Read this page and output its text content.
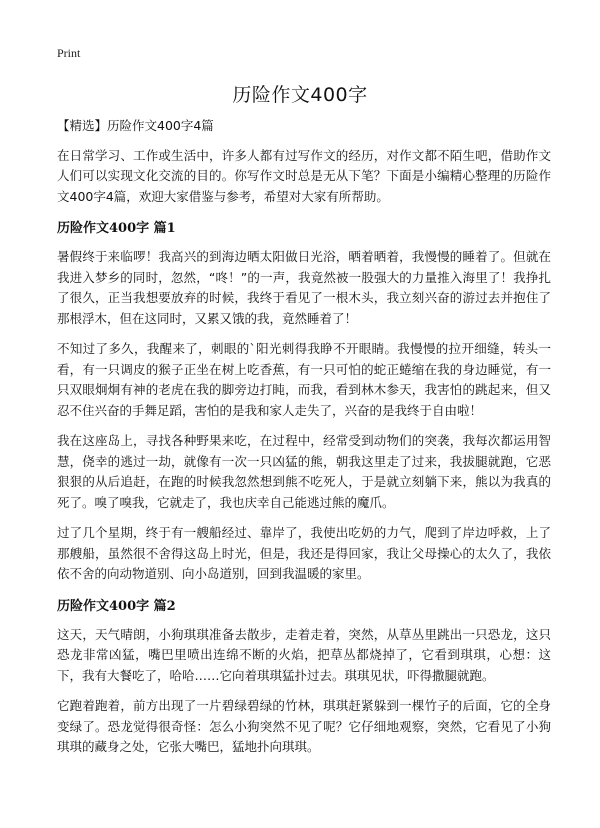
Print
历险作文400字

【精选】历险作文400字4篇

在日常学习、工作或生活中，许多人都有过写作文的经历，对作文都不陌生吧，借助作文人们可以实现文化交流的目的。你写作文时总是无从下笔？下面是小编精心整理的历险作文400字4篇，欢迎大家借鉴与参考，希望对大家有所帮助。

历险作文400字 篇1

暑假终于来临啰！我高兴的到海边晒太阳做日光浴，晒着晒着，我慢慢的睡着了。但就在我进入梦乡的同时，忽然，“咚！”的一声，我竟然被一股强大的力量推入海里了！我挣扎了很久，正当我想要放弃的时候，我终于看见了一根木头，我立刻兴奋的游过去并抱住了那根浮木，但在这同时，又累又饿的我，竟然睡着了！

不知过了多久，我醒来了，刺眼的`阳光刺得我睁不开眼睛。我慢慢的拉开细缝，转头一看，有一只调皮的猴子正坐在树上吃香蕉，有一只可怕的蛇正蜷缩在我的身边睡觉，有一只双眼炯炯有神的老虎在我的脚旁边打盹，而我，看到林木参天，我害怕的跳起来，但又忍不住兴奋的手舞足蹈，害怕的是我和家人走失了，兴奋的是我终于自由啦！

我在这座岛上，寻找各种野果来吃，在过程中，经常受到动物们的突袭，我每次都运用智慧，侥幸的逃过一劫，就像有一次一只凶猛的熊，朝我这里走了过来，我拔腿就跑，它恶狠狠的从后追赶，在跑的时候我忽然想到熊不吃死人，于是就立刻躺下来，熊以为我真的死了。嗅了嗅我，它就走了，我也庆幸自己能逃过熊的魔爪。

过了几个星期，终于有一艘船经过、靠岸了，我使出吃奶的力气，爬到了岸边呼救，上了那艘船，虽然很不舍得这岛上时光，但是，我还是得回家，我让父母操心的太久了，我依依不舍的向动物道别、向小岛道别，回到我温暖的家里。

历险作文400字 篇2

这天，天气晴朗，小狗琪琪准备去散步，走着走着，突然，从草丛里跳出一只恐龙，这只恐龙非常凶猛，嘴巴里喷出连绵不断的火焰，把草丛都烧掉了，它看到琪琪，心想：这下，我有大餐吃了，哈哈……它向着琪琪猛扑过去。琪琪见状，吓得撒腿就跑。

它跑着跑着，前方出现了一片碧绿碧绿的竹林，琪琪赶紧躲到一棵竹子的后面，它的全身变绿了。恐龙觉得很奇怪：怎么小狗突然不见了呢？它仔细地观察，突然，它看见了小狗琪琪的藏身之处，它张大嘴巴，猛地扑向琪琪。
